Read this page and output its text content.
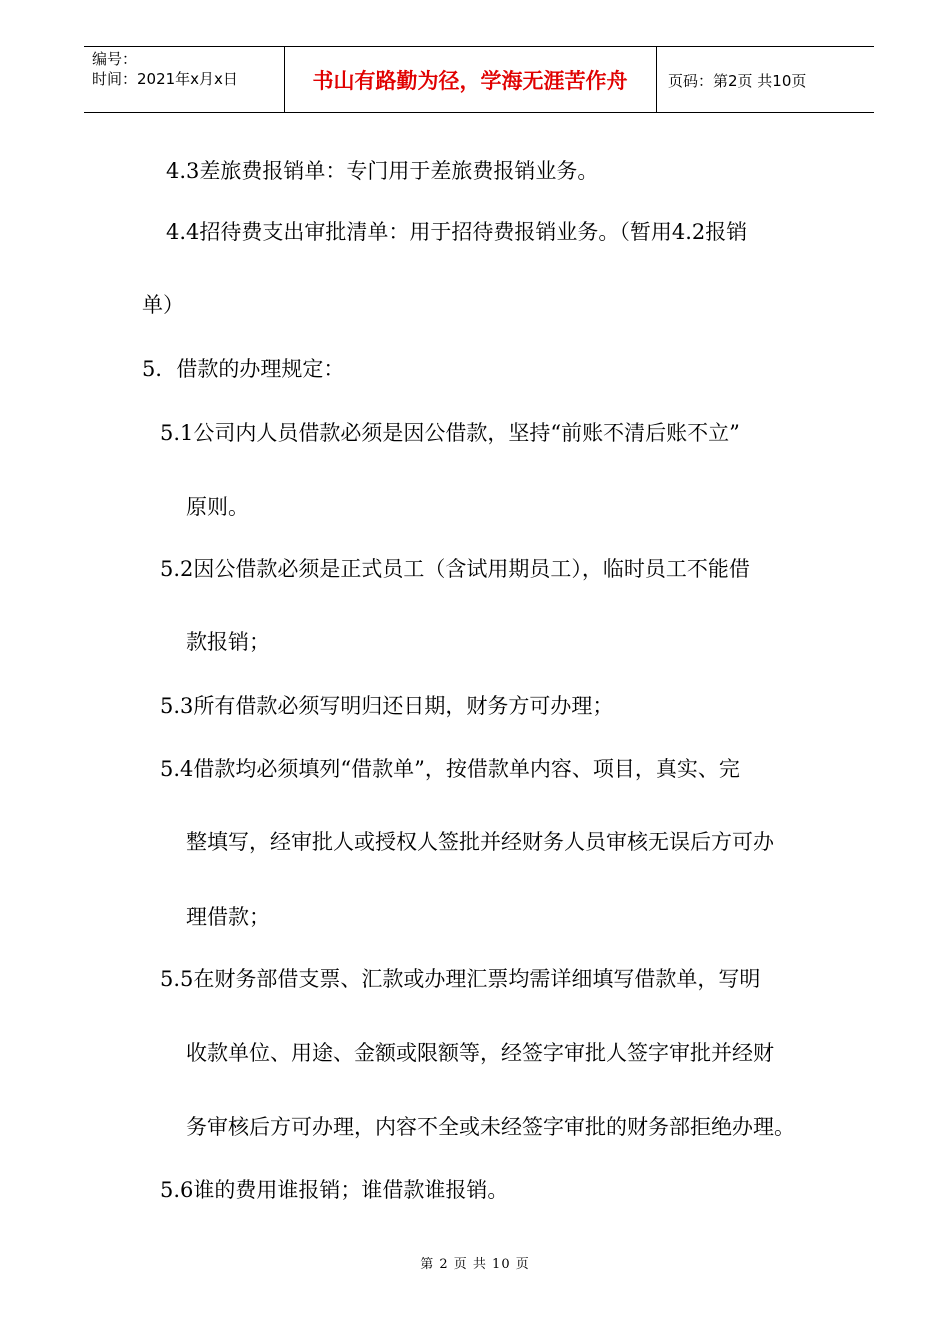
编号：
时间：2021年x月x日	书山有路勤为径，学海无涯苦作舟	页码：第2页 共10页
4.3差旅费报销单：专门用于差旅费报销业务。
4.4招待费支出审批清单：用于招待费报销业务。（暂用4.2报销
单）
5．借款的办理规定：
5.1公司内人员借款必须是因公借款，坚持“前账不清后账不立”
原则。
5.2因公借款必须是正式员工（含试用期员工），临时员工不能借
款报销；
5.3所有借款必须写明归还日期，财务方可办理；
5.4借款均必须填列“借款单”，按借款单内容、项目，真实、完
整填写，经审批人或授权人签批并经财务人员审核无误后方可办
理借款；
5.5在财务部借支票、汇款或办理汇票均需详细填写借款单，写明
收款单位、用途、金额或限额等，经签字审批人签字审批并经财
务审核后方可办理，内容不全或未经签字审批的财务部拒绝办理。
5.6谁的费用谁报销；谁借款谁报销。
第 2 页 共 10 页
